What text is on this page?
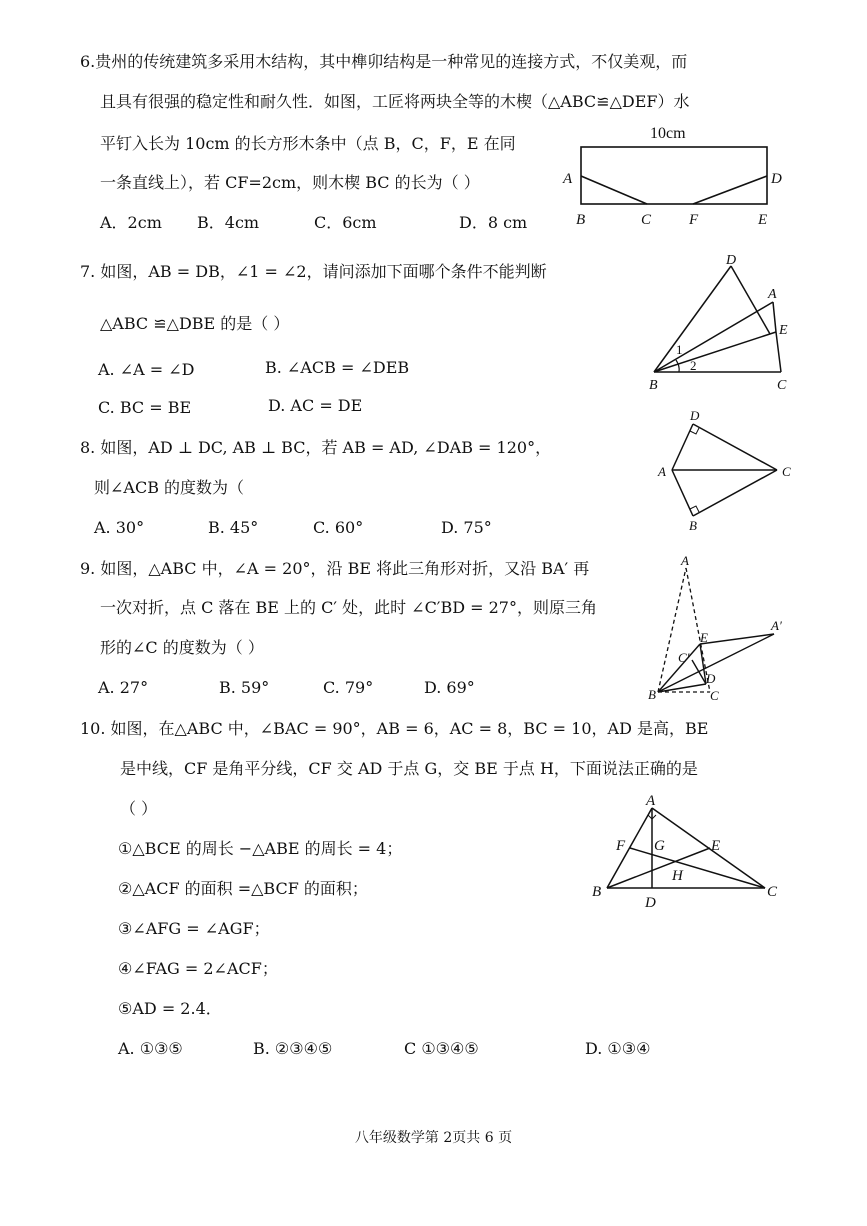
6.贵州的传统建筑多采用木结构，其中榫卯结构是一种常见的连接方式，不仅美观，而
且具有很强的稳定性和耐久性．如图，工匠将两块全等的木楔（△ABC≌△DEF）水
平钉入长为 10cm 的长方形木条中（点 B，C，F，E 在同
一条直线上），若 CF=2cm，则木楔 BC 的长为（ ）
A．2cm B．4cm	C．6cm	D．8 cm
10cm
A
B	C	F	E
D
7. 如图，AB = DB，∠1 = ∠2，请问添加下面哪个条件不能判断
△ABC ≌△DBE 的是（ ）
A. ∠A = ∠D	B. ∠ACB = ∠DEB
C. BC = BE	D. AC = DE
D
A
E
B	C
1
2
8. 如图，AD ⊥ DC, AB ⊥ BC，若 AB = AD, ∠DAB = 120°，
则∠ACB 的度数为（
A. 30°	B. 45°	C. 60°	D. 75°
D
A	C
B
9. 如图，△ABC 中，∠A = 20°，沿 BE 将此三角形对折，又沿 BA′ 再
一次对折，点 C 落在 BE 上的 C′ 处，此时 ∠C′BD = 27°，则原三角
形的∠C 的度数为（ ）
A. 27°	B. 59°	C. 79°	D. 69°
A
E
A′
C′
D
B	C
10. 如图，在△ABC 中，∠BAC = 90°，AB = 6，AC = 8，BC = 10，AD 是高，BE
是中线，CF 是角平分线，CF 交 AD 于点 G，交 BE 于点 H，下面说法正确的是
（ ）
①△BCE 的周长 −△ABE 的周长 = 4；
②△ACF 的面积 =△BCF 的面积；
③∠AFG = ∠AGF；
④∠FAG = 2∠ACF；
⑤AD = 2.4．
A. ①③⑤	B. ②③④⑤	C ①③④⑤	D. ①③④
A
F G	E
H
B
D
C
八年级数学第 2页共 6 页
